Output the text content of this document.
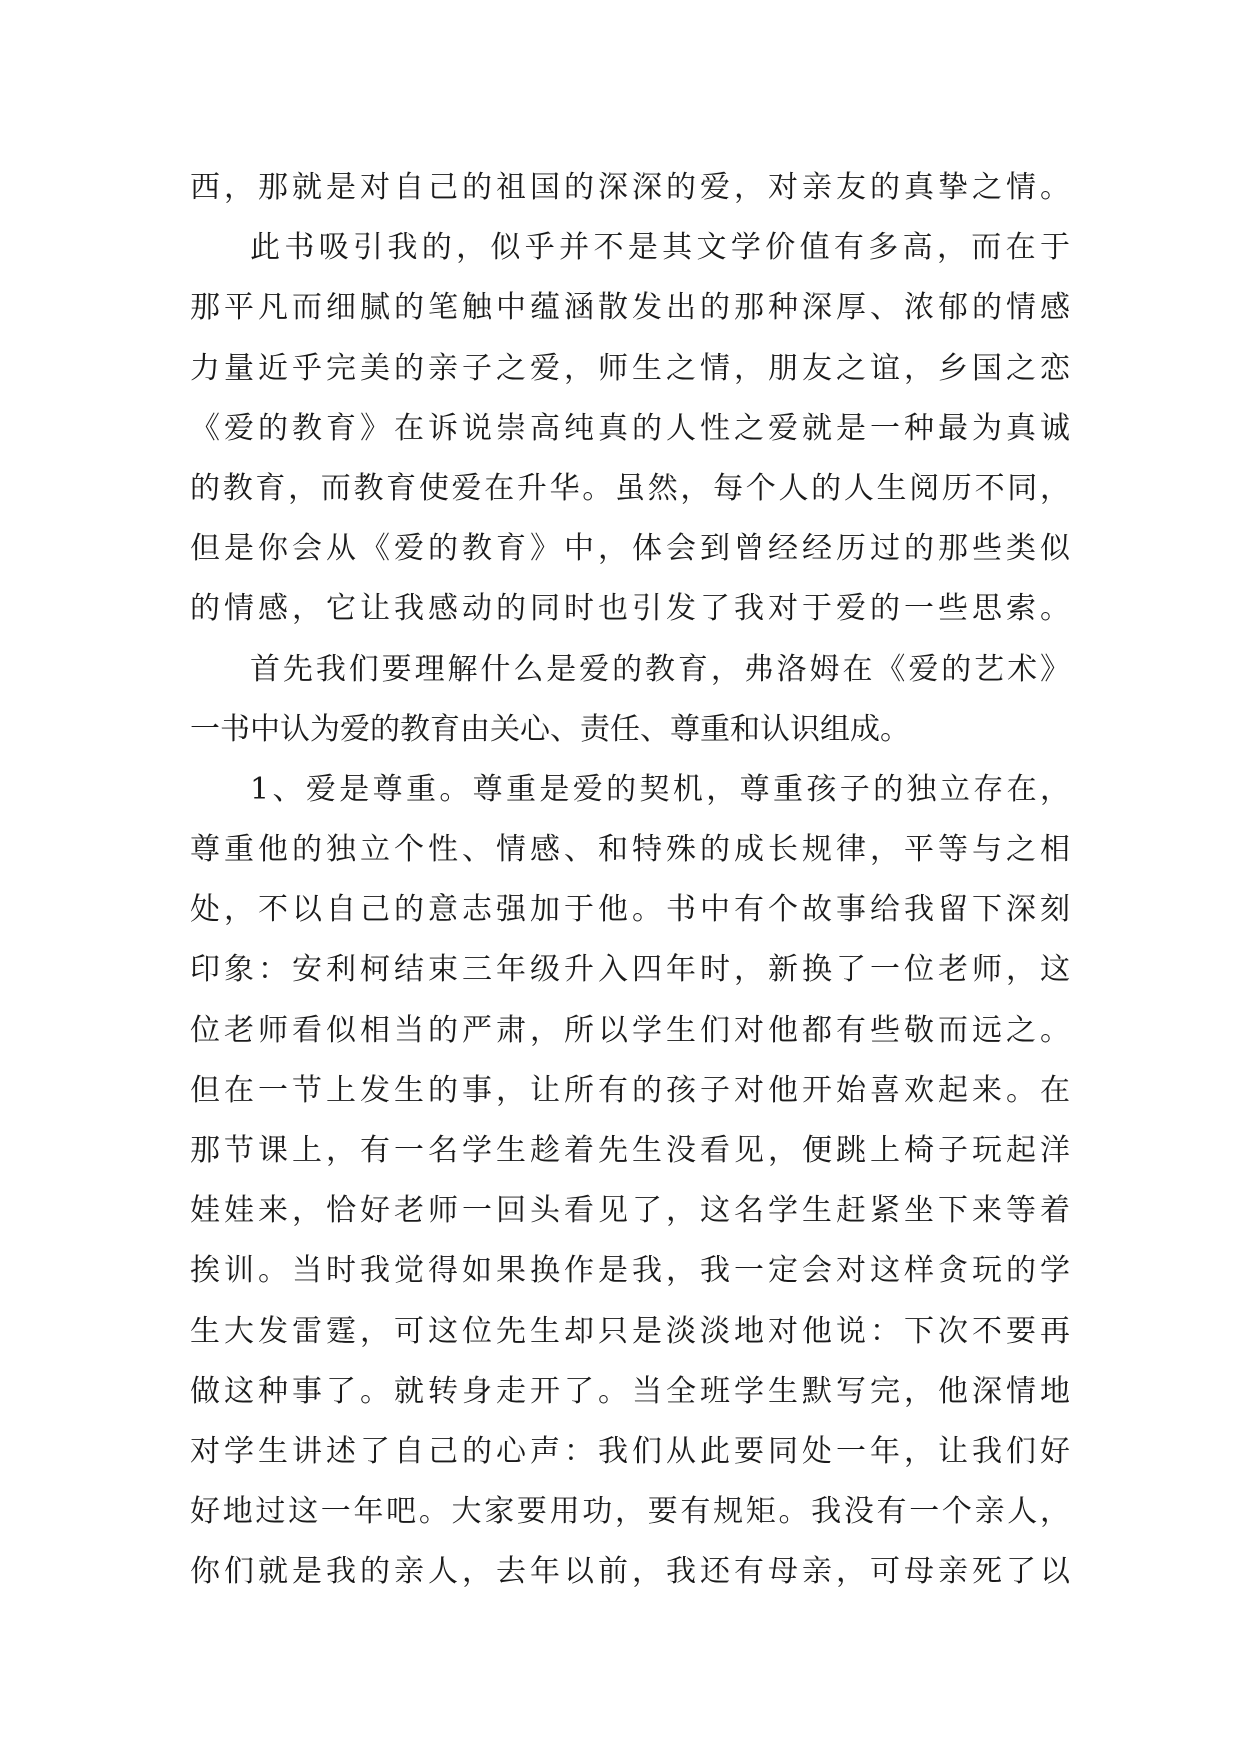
西，那就是对自己的祖国的深深的爱，对亲友的真挚之情。
此书吸引我的，似乎并不是其文学价值有多高，而在于
那平凡而细腻的笔触中蕴涵散发出的那种深厚、浓郁的情感
力量近乎完美的亲子之爱，师生之情，朋友之谊，乡国之恋
《爱的教育》在诉说崇高纯真的人性之爱就是一种最为真诚
的教育，而教育使爱在升华。虽然，每个人的人生阅历不同，
但是你会从《爱的教育》中，体会到曾经经历过的那些类似
的情感，它让我感动的同时也引发了我对于爱的一些思索。
首先我们要理解什么是爱的教育，弗洛姆在《爱的艺术》
一书中认为爱的教育由关心、责任、尊重和认识组成。
1、爱是尊重。尊重是爱的契机，尊重孩子的独立存在，
尊重他的独立个性、情感、和特殊的成长规律，平等与之相
处，不以自己的意志强加于他。书中有个故事给我留下深刻
印象：安利柯结束三年级升入四年时，新换了一位老师，这
位老师看似相当的严肃，所以学生们对他都有些敬而远之。
但在一节上发生的事，让所有的孩子对他开始喜欢起来。在
那节课上，有一名学生趁着先生没看见，便跳上椅子玩起洋
娃娃来，恰好老师一回头看见了，这名学生赶紧坐下来等着
挨训。当时我觉得如果换作是我，我一定会对这样贪玩的学
生大发雷霆，可这位先生却只是淡淡地对他说：下次不要再
做这种事了。就转身走开了。当全班学生默写完，他深情地
对学生讲述了自己的心声：我们从此要同处一年，让我们好
好地过这一年吧。大家要用功，要有规矩。我没有一个亲人，
你们就是我的亲人，去年以前，我还有母亲，可母亲死了以
